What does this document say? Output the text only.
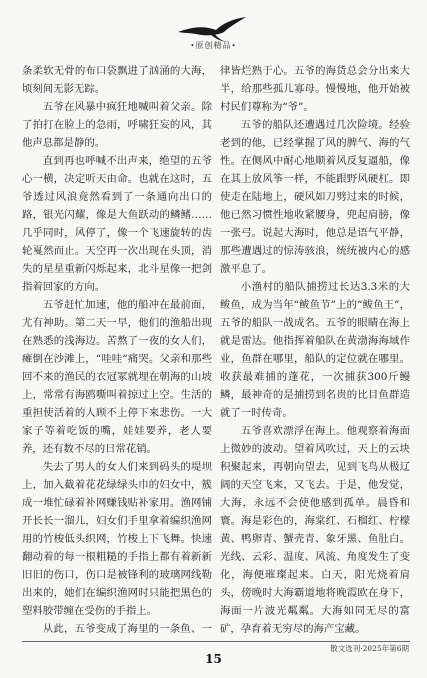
•原创精品•

条柔软无骨的布口袋飘进了汹涌的大海，顷刻间无影无踪。

五爷在风暴中疯狂地喊叫着父亲。除了拍打在脸上的急雨，呼啸狂妄的风，其他声息都是静的。

直到再也呼喊不出声来，绝望的五爷心一横，决定听天由命。也就在这时，五爷透过风浪竟然看到了一条通向出口的路，银光闪耀，像是大鱼跃动的鳞鳍……几乎同时，风停了，像一个飞速旋转的齿轮戛然而止。天空再一次出现在头顶，消失的星星重新闪烁起来，北斗星像一把剑指着回家的方向。

五爷赶忙加速，他的船冲在最前面，尤有神助。第二天一早，他们的渔船出现在熟悉的浅海边。苦熬了一夜的女人们，瘫倒在沙滩上，“哇哇”痛哭。父亲和那些回不来的渔民的衣冠冢就埋在朝海的山坡上，常常有海鸥嘶叫着掠过上空。生活的重担使活着的人顾不上停下来悲伤。一大家子等着吃饭的嘴，娃娃要养，老人要养，还有数不尽的日常花销。

失去了男人的女人们来到码头的堤坝上，加入截着花花绿绿头巾的妇女中，簇成一堆忙碌着补网赚钱贴补家用。渔网铺开长长一溜儿，妇女们手里拿着编织渔网用的竹梭低头织网，竹梭上下飞舞。快速翻动着的每一根粗糙的手指上都有着新新旧旧的伤口，伤口是被锋利的玻璃网线勒出来的，她们在编织渔网时只能把黑色的塑料胶带缠在受伤的手指上。

从此，五爷变成了海里的一条鱼、一

律皆烂熟于心。五爷的海货总会分出来大半，给那些孤儿寡母。慢慢地，他开始被村民们尊称为“爷”。

五爷的船队还遭遇过几次险境。经验老到的他，已经掌握了风的脾气、海的气性。在侧风中耐心地顺着风反复逼船，像在其上放风筝一样，不能跟野风硬杠。即使走在陆地上，硬风如刀劈过来的时候，他已然习惯性地收紧腰身，兜起肩膀，像一张弓。说起大海时，他总是语气平静，那些遭遇过的惊涛骇浪，统统被内心的感激平息了。

小渔村的船队捕捞过长达3.3米的大鲅鱼，成为当年“鲅鱼节”上的“鲅鱼王”，五爷的船队一战成名。五爷的眼睛在海上就是雷达。他指挥着船队在黄渤海海域作业，鱼群在哪里，船队的定位就在哪里。收获最难捕的蓬花，一次捕获300斤鳗鳞，最神奇的是捕捞到名贵的比目鱼群造就了一时传奇。

五爷喜欢漂浮在海上。他观察着海面上微妙的波动。望着风吹过，天上的云块积聚起来，再朝向望去，见到飞鸟从极辽阔的天空飞来，又飞去。于是，他发觉，大海，永远不会使他感到孤单。晨昏和寰。海是彩色的，海棠红、石榴红、柠檬黄、鸭卵青、蟹壳青、象牙黑、鱼肚白。光线、云彩、温度、风流、角度发生了变化，海便璀璨起来。白天，阳光烧着肩头，傍晚时大海霸道地将晚霞欧在身下，海面一片波光粼粼。大海如同无尽的富矿，孕育着无穷尽的海产宝藏。

散文选刊·2025年第6期
15
